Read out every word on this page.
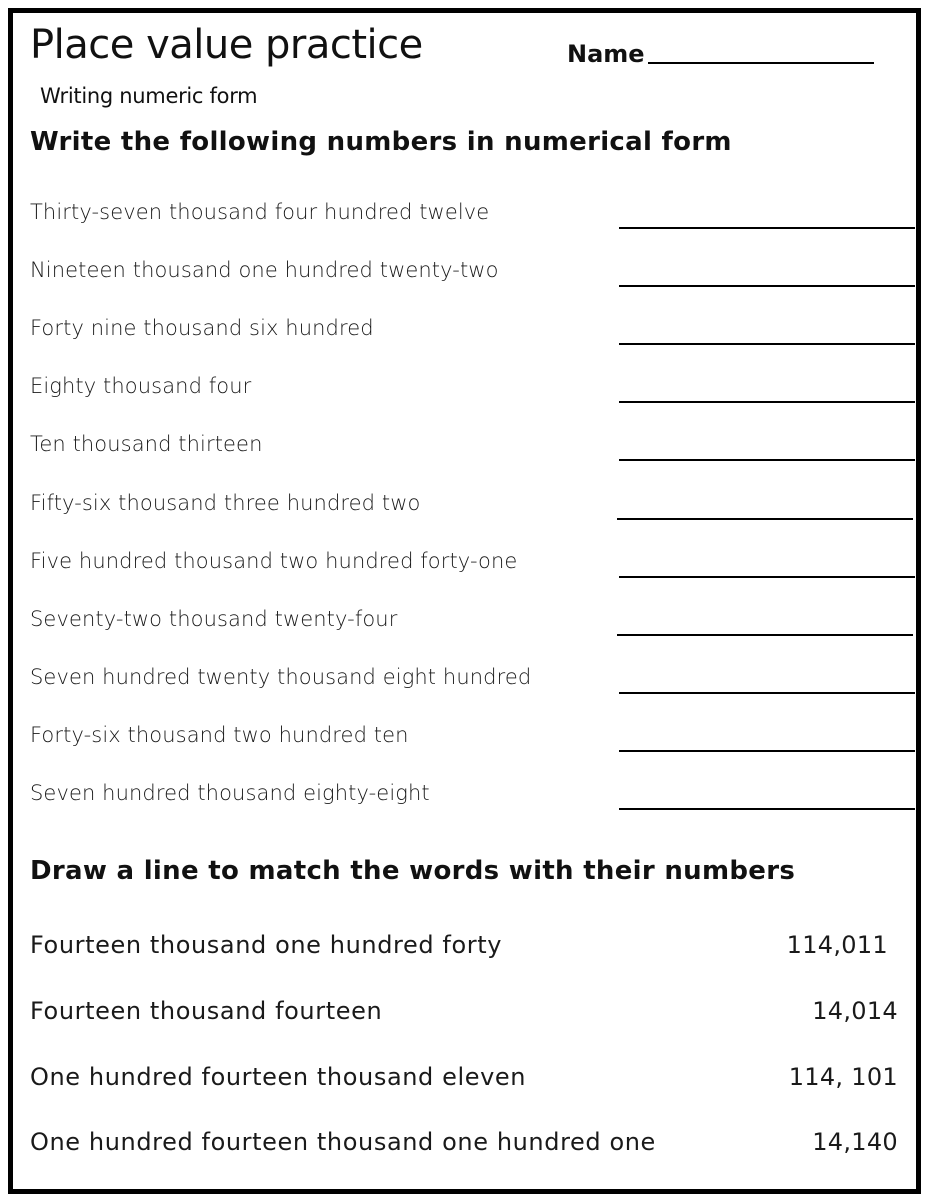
Place value practice
Writing numeric form
Name
Write the following numbers in numerical form
Thirty-seven thousand four hundred twelve
Nineteen thousand one hundred twenty-two
Forty nine thousand six hundred
Eighty thousand four
Ten thousand thirteen
Fifty-six thousand three hundred two
Five hundred thousand two hundred forty-one
Seventy-two thousand twenty-four
Seven hundred twenty thousand eight hundred
Forty-six thousand two hundred ten
Seven hundred thousand eighty-eight
Draw a line to match the words with their numbers
Fourteen thousand one hundred forty	114,011
Fourteen thousand fourteen	14,014
One hundred fourteen thousand eleven	114, 101
One hundred fourteen thousand one hundred one	14,140
